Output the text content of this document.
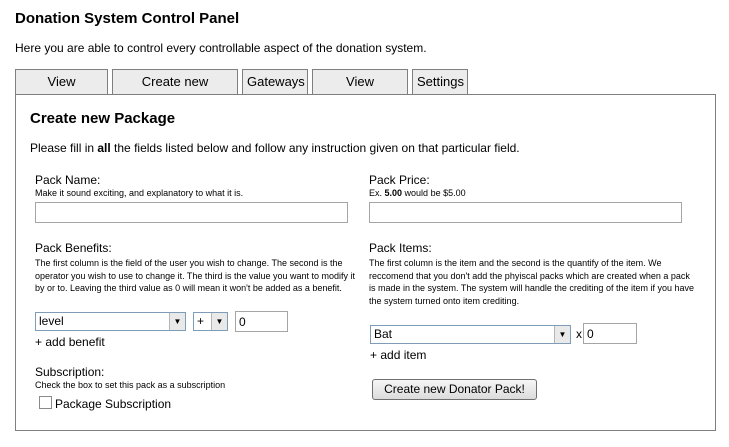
Donation System Control Panel
Here you are able to control every controllable aspect of the donation system.
View	Create new	Gateways	View	Settings
Create new Package
Please fill in all the fields listed below and follow any instruction given on that particular field.
Pack Name:
Make it sound exciting, and explanatory to what it is.
Pack Price:
Ex. 5.00 would be $5.00
Pack Benefits:
The first column is the field of the user you wish to change. The second is the operator you wish to use to change it. The third is the value you want to modify it by or to. Leaving the third value as 0 will mean it won't be added as a benefit.
level	▼	+	▼
0
+ add benefit
Pack Items:
The first column is the item and the second is the quantify of the item. We reccomend that you don't add the phyiscal packs which are created when a pack is made in the system. The system will handle the crediting of the item if you have the system turned onto item crediting.
Bat	▼ x
0
+ add item
Subscription:
Check the box to set this pack as a subscription
Package Subscription
Create new Donator Pack!
